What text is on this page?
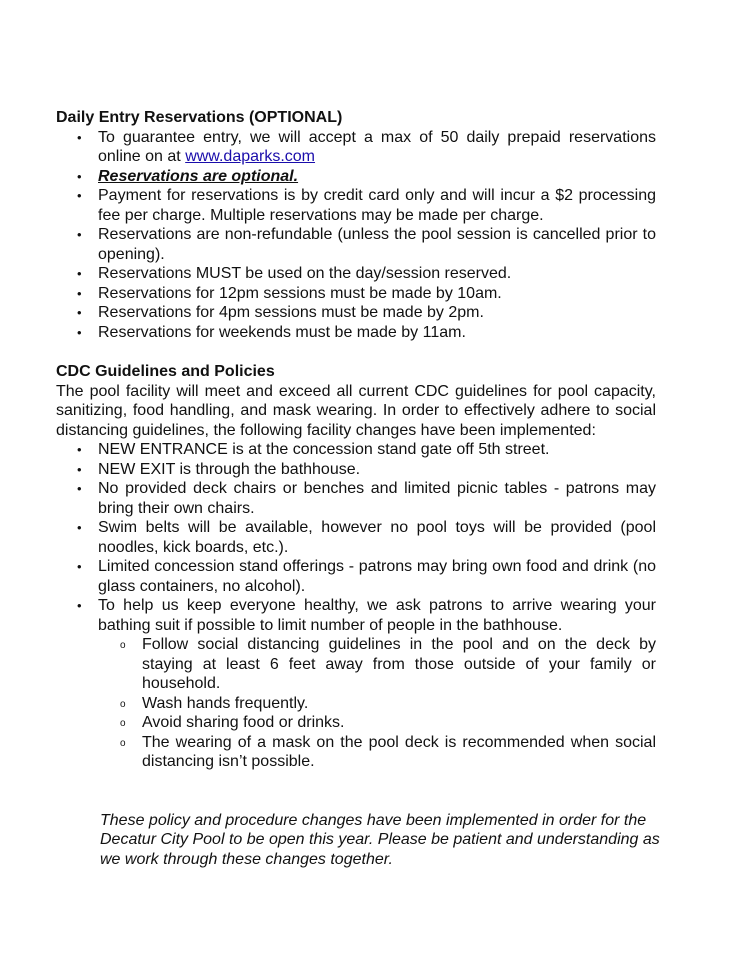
Daily Entry Reservations (OPTIONAL)
• To guarantee entry, we will accept a max of 50 daily prepaid reservations online on at www.daparks.com
• Reservations are optional.
• Payment for reservations is by credit card only and will incur a $2 processing fee per charge. Multiple reservations may be made per charge.
• Reservations are non-refundable (unless the pool session is cancelled prior to opening).
• Reservations MUST be used on the day/session reserved.
• Reservations for 12pm sessions must be made by 10am.
• Reservations for 4pm sessions must be made by 2pm.
• Reservations for weekends must be made by 11am.
CDC Guidelines and Policies

The pool facility will meet and exceed all current CDC guidelines for pool capacity, sanitizing, food handling, and mask wearing. In order to effectively adhere to social distancing guidelines, the following facility changes have been implemented:

• NEW ENTRANCE is at the concession stand gate off 5th street.
• NEW EXIT is through the bathhouse.
• No provided deck chairs or benches and limited picnic tables - patrons may bring their own chairs.
• Swim belts will be available, however no pool toys will be provided (pool noodles, kick boards, etc.).
• Limited concession stand offerings - patrons may bring own food and drink (no glass containers, no alcohol).
• To help us keep everyone healthy, we ask patrons to arrive wearing your bathing suit if possible to limit number of people in the bathhouse.
o Follow social distancing guidelines in the pool and on the deck by staying at least 6 feet away from those outside of your family or household.
o Wash hands frequently.
o Avoid sharing food or drinks.
o The wearing of a mask on the pool deck is recommended when social distancing isn’t possible.

These policy and procedure changes have been implemented in order for the Decatur City Pool to be open this year. Please be patient and understanding as we work through these changes together.
